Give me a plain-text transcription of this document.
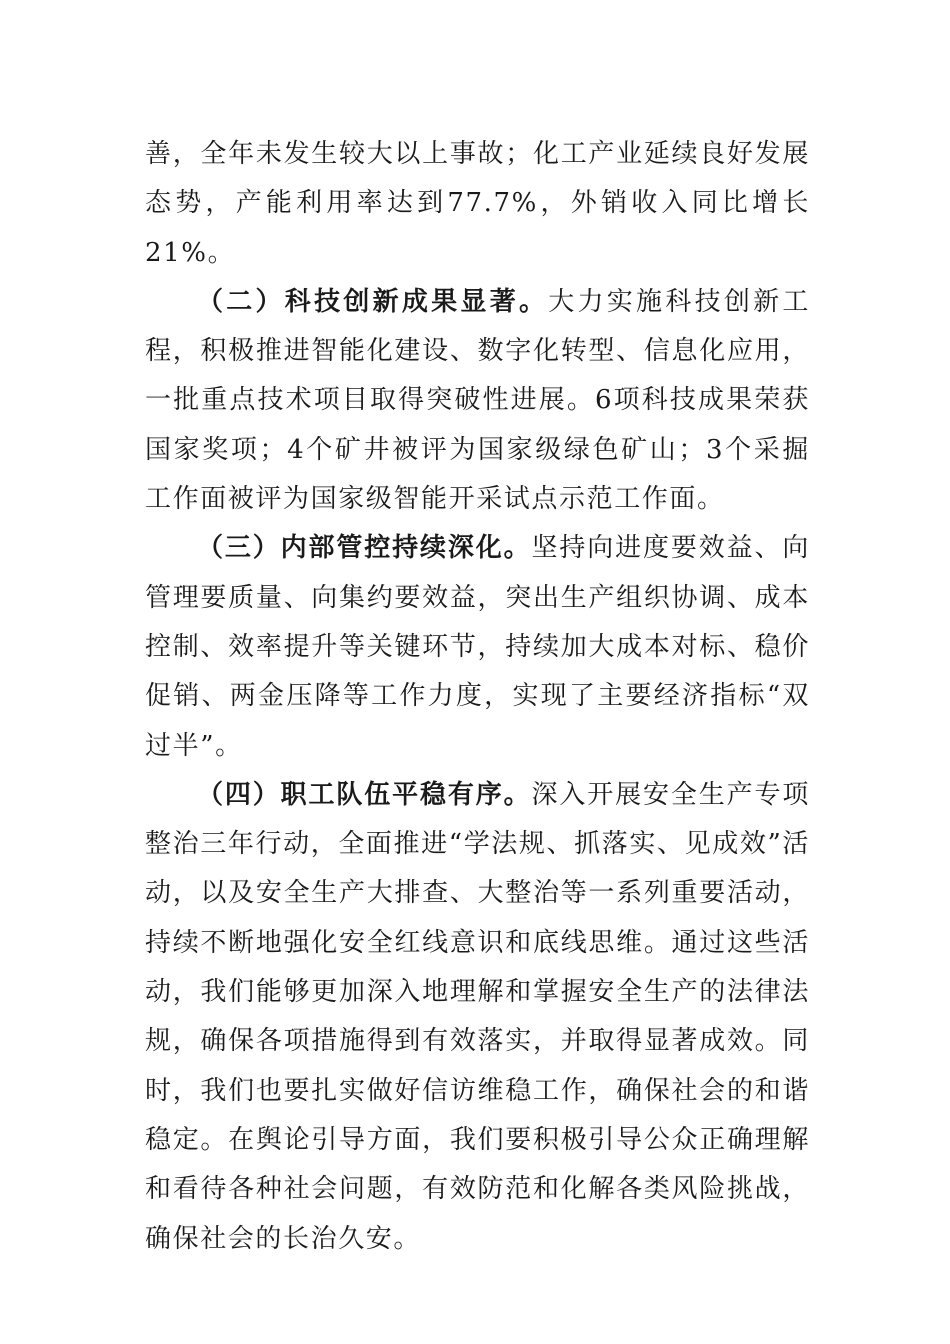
善，全年未发生较大以上事故；化工产业延续良好发展态势，产能利用率达到77.7%，外销收入同比增长21%。

（二）科技创新成果显著。大力实施科技创新工程，积极推进智能化建设、数字化转型、信息化应用，一批重点技术项目取得突破性进展。6项科技成果荣获国家奖项；4个矿井被评为国家级绿色矿山；3个采掘工作面被评为国家级智能开采试点示范工作面。

（三）内部管控持续深化。坚持向进度要效益、向管理要质量、向集约要效益，突出生产组织协调、成本控制、效率提升等关键环节，持续加大成本对标、稳价促销、两金压降等工作力度，实现了主要经济指标“双过半”。

（四）职工队伍平稳有序。深入开展安全生产专项整治三年行动，全面推进“学法规、抓落实、见成效”活动，以及安全生产大排查、大整治等一系列重要活动，持续不断地强化安全红线意识和底线思维。通过这些活动，我们能够更加深入地理解和掌握安全生产的法律法规，确保各项措施得到有效落实，并取得显著成效。同时，我们也要扎实做好信访维稳工作，确保社会的和谐稳定。在舆论引导方面，我们要积极引导公众正确理解和看待各种社会问题，有效防范和化解各类风险挑战，确保社会的长治久安。
